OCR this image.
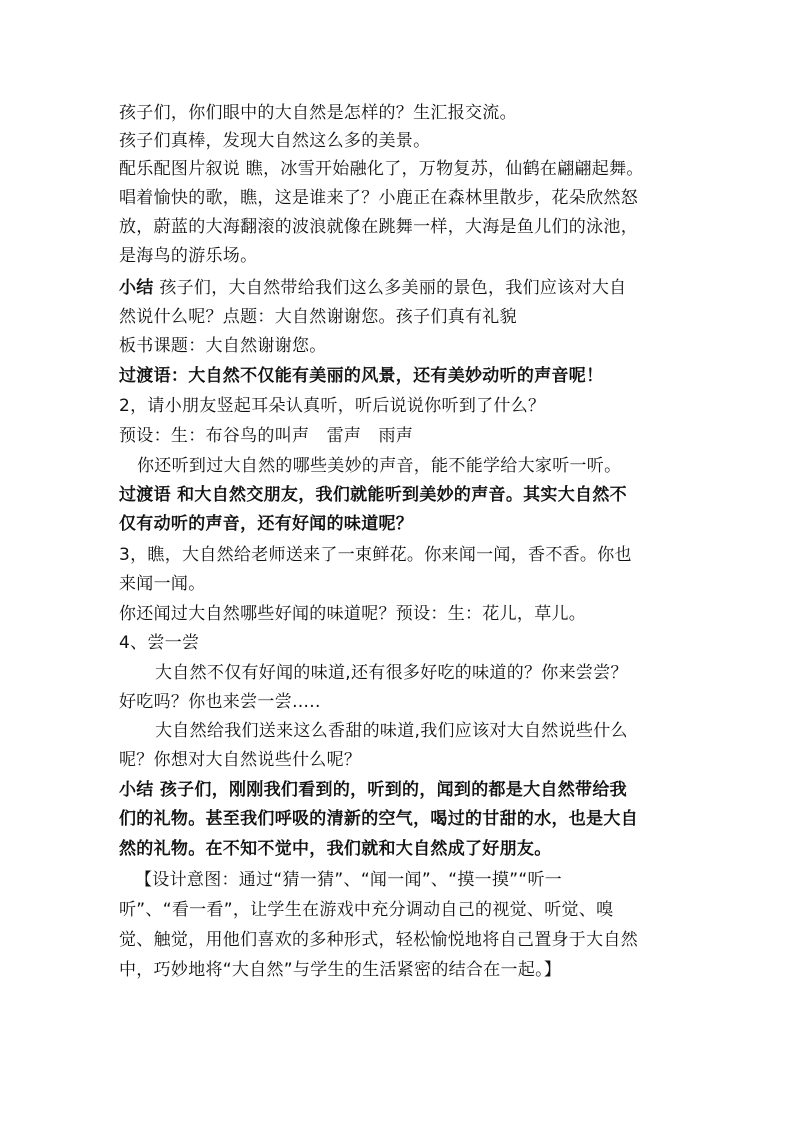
孩子们，你们眼中的大自然是怎样的？生汇报交流。
孩子们真棒，发现大自然这么多的美景。
配乐配图片叙说 瞧，冰雪开始融化了，万物复苏，仙鹤在翩翩起舞。
唱着愉快的歌，瞧，这是谁来了？小鹿正在森林里散步，花朵欣然怒
放，蔚蓝的大海翻滚的波浪就像在跳舞一样，大海是鱼儿们的泳池，
是海鸟的游乐场。
小结 孩子们，大自然带给我们这么多美丽的景色，我们应该对大自
然说什么呢？点题：大自然谢谢您。孩子们真有礼貌
板书课题：大自然谢谢您。
过渡语：大自然不仅能有美丽的风景，还有美妙动听的声音呢！
2，请小朋友竖起耳朵认真听，听后说说你听到了什么？
预设：生：布谷鸟的叫声　雷声　雨声
你还听到过大自然的哪些美妙的声音，能不能学给大家听一听。
过渡语 和大自然交朋友，我们就能听到美妙的声音。其实大自然不
仅有动听的声音，还有好闻的味道呢？
3，瞧，大自然给老师送来了一束鲜花。你来闻一闻，香不香。你也
来闻一闻。
你还闻过大自然哪些好闻的味道呢？预设：生：花儿，草儿。
4、尝一尝
大自然不仅有好闻的味道,还有很多好吃的味道的？你来尝尝？
好吃吗？你也来尝一尝…..
大自然给我们送来这么香甜的味道,我们应该对大自然说些什么
呢？你想对大自然说些什么呢？
小结 孩子们，刚刚我们看到的，听到的，闻到的都是大自然带给我
们的礼物。甚至我们呼吸的清新的空气，喝过的甘甜的水，也是大自
然的礼物。在不知不觉中，我们就和大自然成了好朋友。
【设计意图：通过“猜一猜”、“闻一闻”、“摸一摸”“听一
听”、“看一看”，让学生在游戏中充分调动自己的视觉、听觉、嗅
觉、触觉，用他们喜欢的多种形式，轻松愉悦地将自己置身于大自然
中，巧妙地将“大自然”与学生的生活紧密的结合在一起。】
